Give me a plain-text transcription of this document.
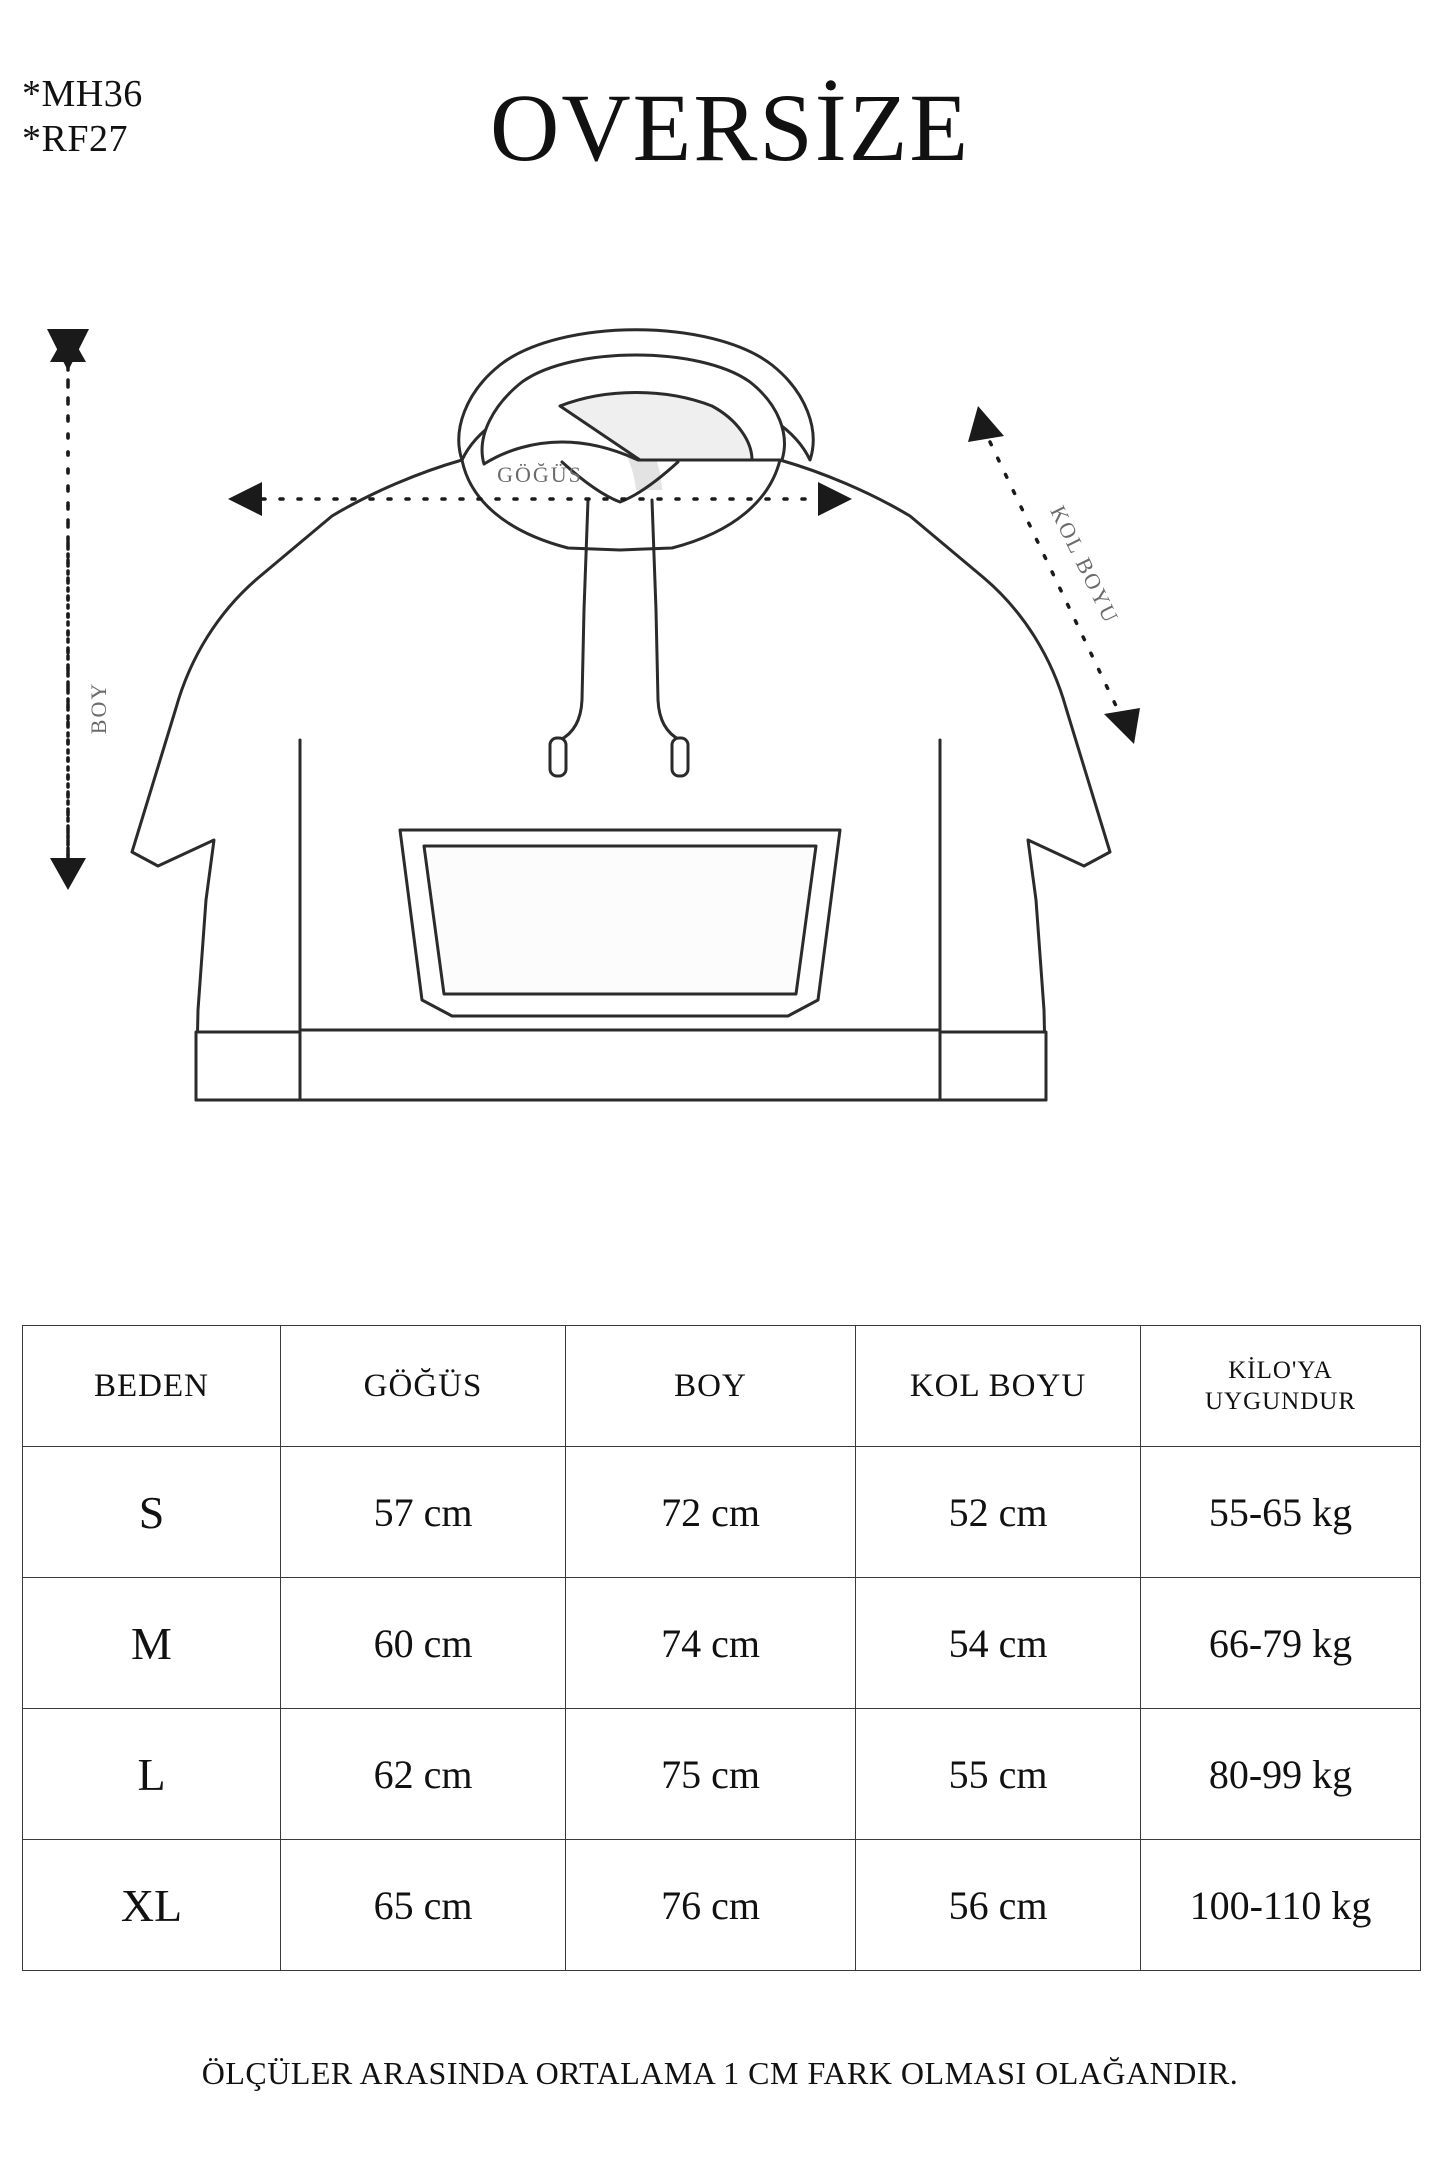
*MH36
*RF27	OVERSİZE
BOY
GÖĞÜS
KOL BOYU
BEDEN	GÖĞÜS	BOY	KOL BOYU	KİLO'YA
UYGUNDUR

S	57 cm	72 cm	52 cm	55-65 kg
M	60 cm	74 cm	54 cm	66-79 kg
L	62 cm	75 cm	55 cm	80-99 kg
XL	65 cm	76 cm	56 cm	100-110 kg
ÖLÇÜLER ARASINDA ORTALAMA 1 CM FARK OLMASI OLAĞANDIR.
